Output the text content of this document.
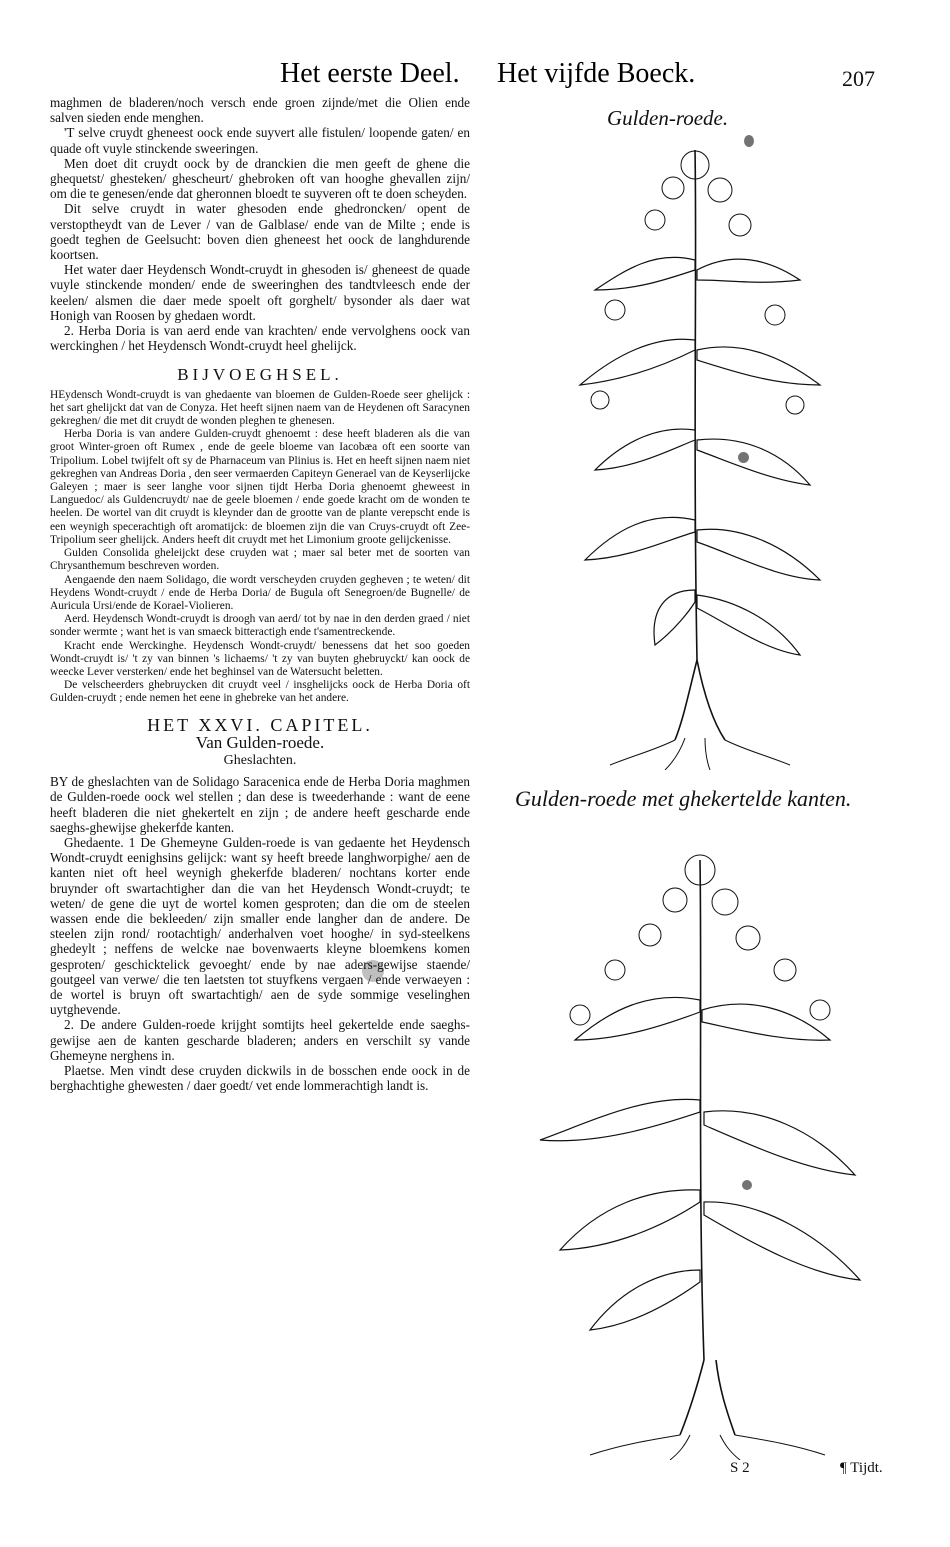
Het eerste Deel. Het vijfde Boeck.	207

maghmen de bladeren/noch versch ende groen zijnde/met die Olien ende salven sieden ende menghen.

'T selve cruydt gheneest oock ende suyvert alle fistulen/ loopende gaten/ en quade oft vuyle stinckende sweeringen.

Men doet dit cruydt oock by de dranckien die men geeft de ghene die ghequetst/ ghesteken/ ghescheurt/ ghebroken oft van hooghe ghevallen zijn/ om die te genesen/ende dat gheronnen bloedt te suyveren oft te doen scheyden.

Dit selve cruydt in water ghesoden ende ghedroncken/ opent de verstoptheydt van de Lever / van de Galblase/ ende van de Milte ; ende is goedt teghen de Geelsucht: boven dien gheneest het oock de langhdurende koortsen.

Het water daer Heydensch Wondt-cruydt in ghesoden is/ gheneest de quade vuyle stinckende monden/ ende de sweeringhen des tandtvleesch ende der keelen/ alsmen die daer mede spoelt oft gorghelt/ bysonder als daer wat Honigh van Roosen by ghedaen wordt.

2. Herba Doria is van aerd ende van krachten/ ende vervolghens oock van werckinghen / het Heydensch Wondt-cruydt heel ghelijck.

BIJVOEGHSEL.

HEydensch Wondt-cruydt is van ghedaente van bloemen de Gulden-Roede seer ghelijck : het sart ghelijckt dat van de Conyza. Het heeft sijnen naem van de Heydenen oft Saracynen gekreghen/ die met dit cruydt de wonden pleghen te ghenesen.

Herba Doria is van andere Gulden-cruydt ghenoemt : dese heeft bladeren als die van groot Winter-groen oft Rumex , ende de geele bloeme van Iacobæa oft een soorte van Tripolium. Lobel twijfelt oft sy de Pharnaceum van Plinius is. Het en heeft sijnen naem niet gekreghen van Andreas Doria , den seer vermaerden Capiteyn Generael van de Keyserlijcke Galeyen ; maer is seer langhe voor sijnen tijdt Herba Doria ghenoemt gheweest in Languedoc/ als Guldencruydt/ nae de geele bloemen / ende goede kracht om de wonden te heelen. De wortel van dit cruydt is kleynder dan de grootte van de plante verepscht ende is een weynigh specerachtigh oft aromatijck: de bloemen zijn die van Cruys-cruydt oft Zee-Tripolium seer ghelijck. Anders heeft dit cruydt met het Limonium groote gelijckenisse.

Gulden Consolida gheleijckt dese cruyden wat ; maer sal beter met de soorten van Chrysanthemum beschreven worden.

Aengaende den naem Solidago, die wordt verscheyden cruyden gegheven ; te weten/ dit Heydens Wondt-cruydt / ende de Herba Doria/ de Bugula oft Senegroen/de Bugnelle/ de Auricula Ursi/ende de Korael-Violieren.

Aerd. Heydensch Wondt-cruydt is droogh van aerd/ tot by nae in den derden graed / niet sonder wermte ; want het is van smaeck bitteractigh ende t'samentreckende.

Kracht ende Werckinghe. Heydensch Wondt-cruydt/ benessens dat het soo goeden Wondt-cruydt is/ 't zy van binnen 's lichaems/ 't zy van buyten ghebruyckt/ kan oock de weecke Lever versterken/ ende het beghinsel van de Watersucht beletten.

De velscheerders ghebruycken dit cruydt veel / insghelijcks oock de Herba Doria oft Gulden-cruydt ; ende nemen het eene in ghebreke van het andere.

HET XXVI. CAPITEL.
Van Gulden-roede.
Gheslachten.

BY de gheslachten van de Solidago Saracenica ende de Herba Doria maghmen de Gulden-roede oock wel stellen ; dan dese is tweederhande : want de eene heeft bladeren die niet ghekertelt en zijn ; de andere heeft gescharde ende saeghs-ghewijse ghekerfde kanten.

Ghedaente. 1 De Ghemeyne Gulden-roede is van gedaente het Heydensch Wondt-cruydt eenighsins gelijck: want sy heeft breede langhworpighe/ aen de kanten niet oft heel weynigh ghekerfde bladeren/ nochtans korter ende bruynder oft swartachtigher dan die van het Heydensch Wondt-cruydt; te weten/ de gene die uyt de wortel komen gesproten; dan die om de steelen wassen ende die bekleeden/ zijn smaller ende langher dan de andere. De steelen zijn rond/ rootachtigh/ anderhalven voet hooghe/ in syd-steelkens ghedeylt ; neffens de welcke nae bovenwaerts kleyne bloemkens komen gesproten/ geschicktelick gevoeght/ ende by nae aders-gewijse staende/ goutgeel van verwe/ die ten laetsten tot stuyfkens vergaen / ende verwaeyen : de wortel is bruyn oft swartachtigh/ aen de syde sommige veselinghen uytghevende.

2. De andere Gulden-roede krijght somtijts heel gekertelde ende saeghs-gewijse aen de kanten gescharde bladeren; anders en verschilt sy vande Ghemeyne nerghens in.

Plaetse. Men vindt dese cruyden dickwils in de bosschen ende oock in de berghachtighe ghewesten / daer goedt/ vet ende lommerachtigh landt is.

Gulden-roede.
Gulden-roede met ghekertelde kanten.
S 2	¶ Tijdt.
